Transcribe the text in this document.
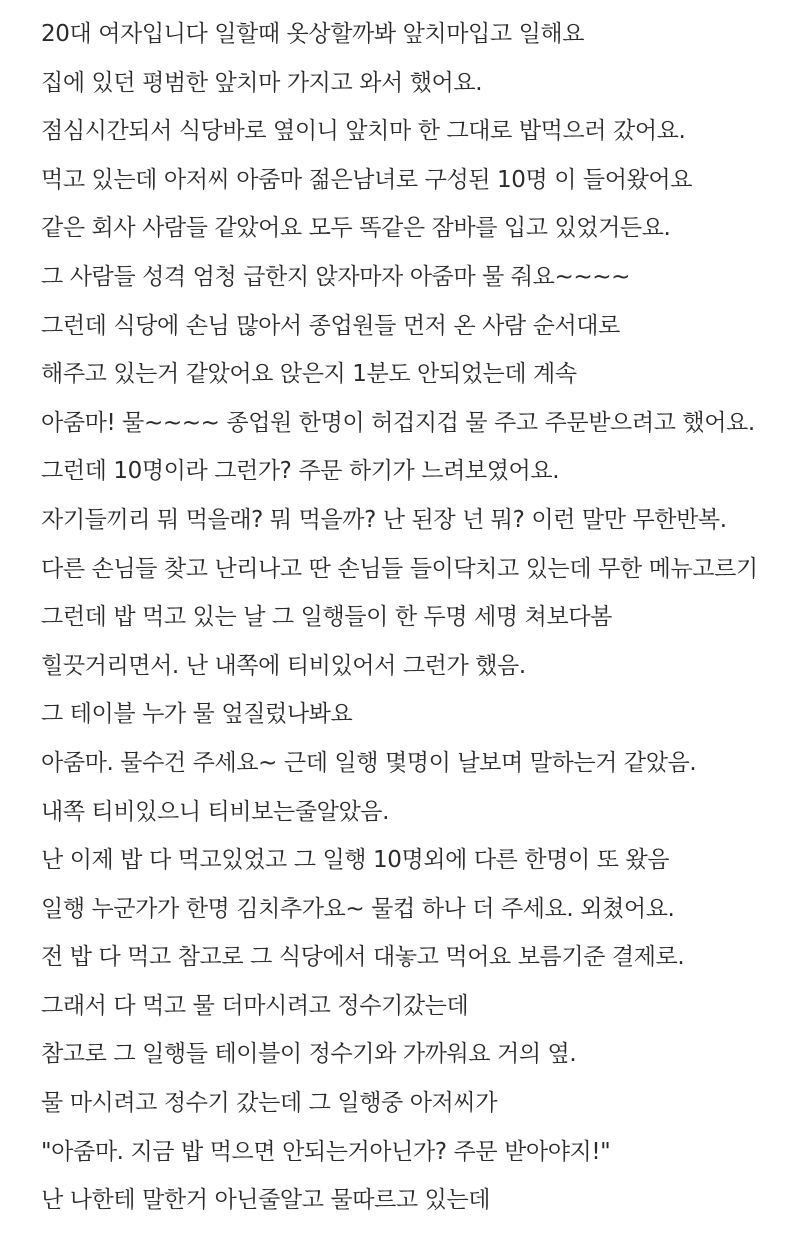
20대 여자입니다 일할때 옷상할까봐 앞치마입고 일해요
집에 있던 평범한 앞치마 가지고 와서 했어요.
점심시간되서 식당바로 옆이니 앞치마 한 그대로 밥먹으러 갔어요.
먹고 있는데 아저씨 아줌마 젊은남녀로 구성된 10명 이 들어왔어요
같은 회사 사람들 같았어요 모두 똑같은 잠바를 입고 있었거든요.
그 사람들 성격 엄청 급한지 앉자마자 아줌마 물 줘요~~~~
그런데 식당에 손님 많아서 종업원들 먼저 온 사람 순서대로
해주고 있는거 같았어요 앉은지 1분도 안되었는데 계속
아줌마! 물~~~~ 종업원 한명이 허겁지겁 물 주고 주문받으려고 했어요.
그런데 10명이라 그런가? 주문 하기가 느려보였어요.
자기들끼리 뭐 먹을래? 뭐 먹을까? 난 된장 넌 뭐? 이런 말만 무한반복.
다른 손님들 찾고 난리나고 딴 손님들 들이닥치고 있는데 무한 메뉴고르기
그런데 밥 먹고 있는 날 그 일행들이 한 두명 세명 쳐보다봄
힐끗거리면서. 난 내쪽에 티비있어서 그런가 했음.
그 테이블 누가 물 엎질렀나봐요
아줌마. 물수건 주세요~ 근데 일행 몇명이 날보며 말하는거 같았음.
내쪽 티비있으니 티비보는줄알았음.
난 이제 밥 다 먹고있었고 그 일행 10명외에 다른 한명이 또 왔음
일행 누군가가 한명 김치추가요~ 물컵 하나 더 주세요. 외쳤어요.
전 밥 다 먹고 참고로 그 식당에서 대놓고 먹어요 보름기준 결제로.
그래서 다 먹고 물 더마시려고 정수기갔는데
참고로 그 일행들 테이블이 정수기와 가까워요 거의 옆.
물 마시려고 정수기 갔는데 그 일행중 아저씨가
"아줌마. 지금 밥 먹으면 안되는거아닌가? 주문 받아야지!"
난 나한테 말한거 아닌줄알고 물따르고 있는데
